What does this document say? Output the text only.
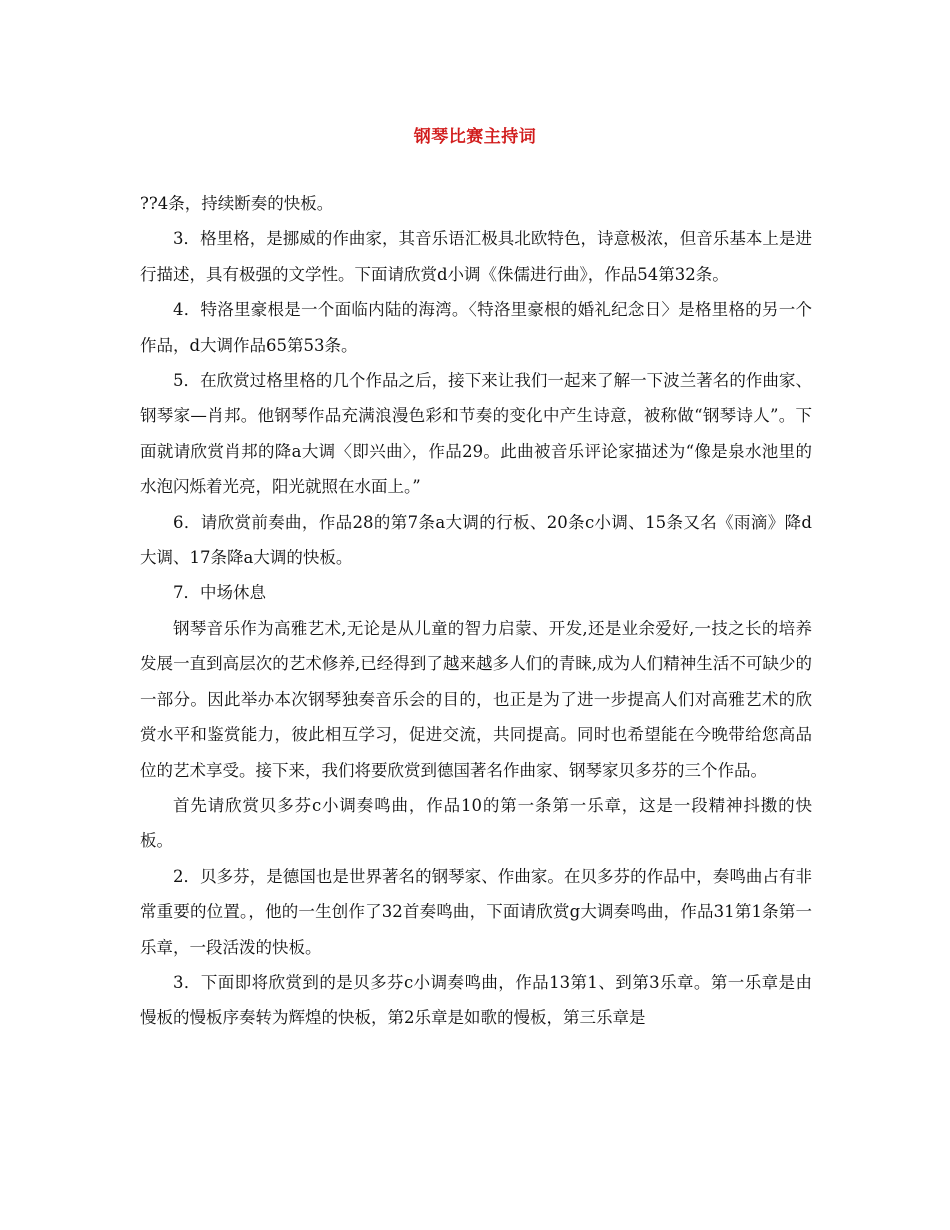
钢琴比赛主持词

??4条，持续断奏的快板。

3．格里格，是挪威的作曲家，其音乐语汇极具北欧特色，诗意极浓，但音乐基本上是进行描述，具有极强的文学性。下面请欣赏d小调《侏儒进行曲》，作品54第32条。

4．特洛里豪根是一个面临内陆的海湾。〈特洛里豪根的婚礼纪念日〉是格里格的另一个作品，d大调作品65第53条。

5．在欣赏过格里格的几个作品之后，接下来让我们一起来了解一下波兰著名的作曲家、钢琴家—肖邦。他钢琴作品充满浪漫色彩和节奏的变化中产生诗意，被称做“钢琴诗人”。下面就请欣赏肖邦的降a大调〈即兴曲〉，作品29。此曲被音乐评论家描述为“像是泉水池里的水泡闪烁着光亮，阳光就照在水面上。”

6．请欣赏前奏曲，作品28的第7条a大调的行板、20条c小调、15条又名《雨滴》降d大调、17条降a大调的快板。

7．中场休息

钢琴音乐作为高雅艺术,无论是从儿童的智力启蒙、开发,还是业余爱好,一技之长的培养发展一直到高层次的艺术修养,已经得到了越来越多人们的青睐,成为人们精神生活不可缺少的一部分。因此举办本次钢琴独奏音乐会的目的，也正是为了进一步提高人们对高雅艺术的欣赏水平和鉴赏能力，彼此相互学习，促进交流，共同提高。同时也希望能在今晚带给您高品位的艺术享受。接下来，我们将要欣赏到德国著名作曲家、钢琴家贝多芬的三个作品。

首先请欣赏贝多芬c小调奏鸣曲，作品10的第一条第一乐章，这是一段精神抖擞的快板。

2．贝多芬，是德国也是世界著名的钢琴家、作曲家。在贝多芬的作品中，奏鸣曲占有非常重要的位置。，他的一生创作了32首奏鸣曲，下面请欣赏g大调奏鸣曲，作品31第1条第一乐章，一段活泼的快板。

3．下面即将欣赏到的是贝多芬c小调奏鸣曲，作品13第1、到第3乐章。第一乐章是由慢板的慢板序奏转为辉煌的快板，第2乐章是如歌的慢板，第三乐章是
